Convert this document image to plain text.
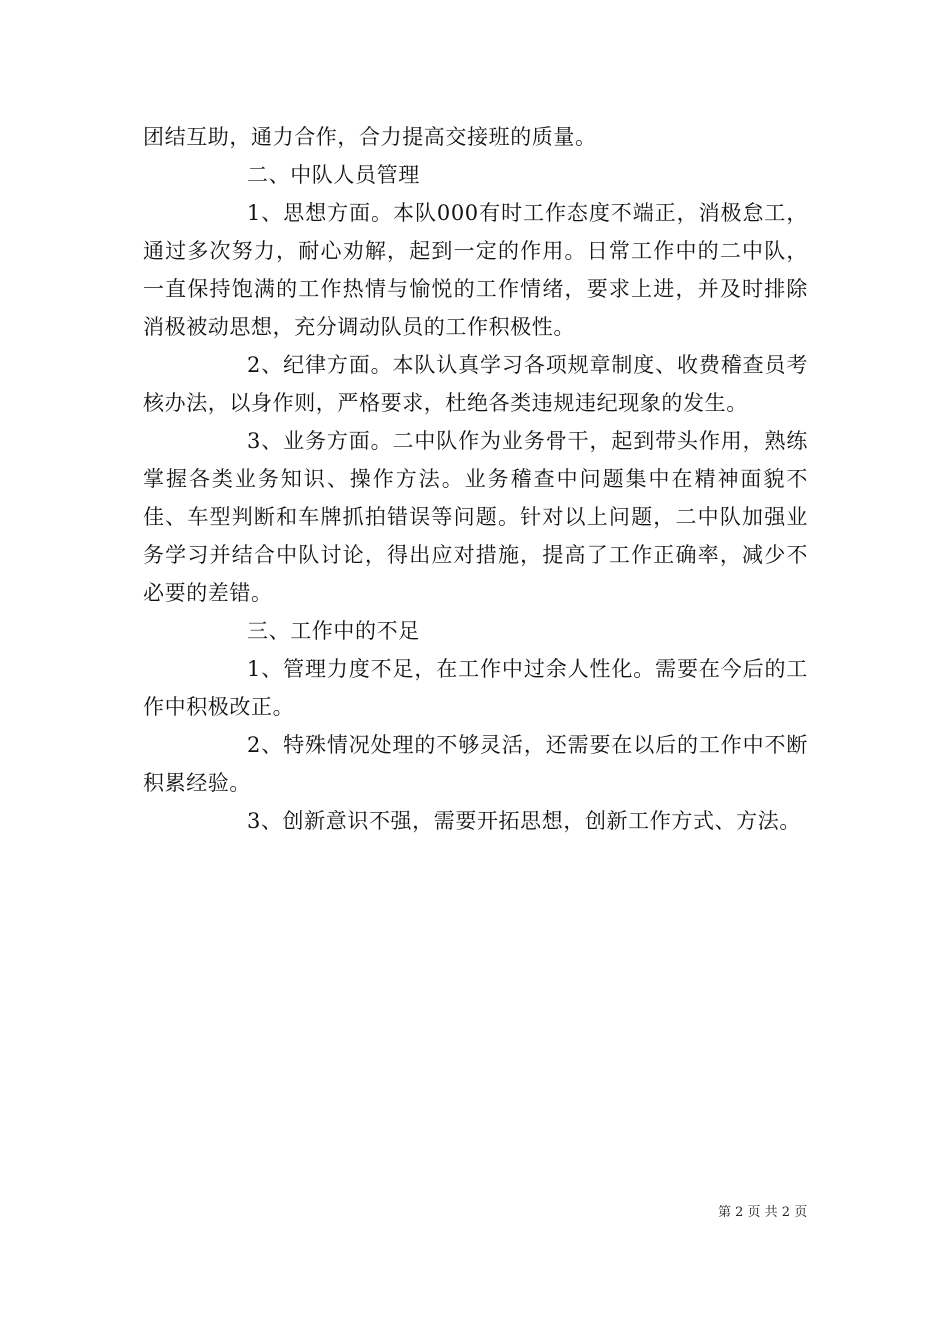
团结互助，通力合作，合力提高交接班的质量。

二、中队人员管理

1、思想方面。本队000有时工作态度不端正，消极怠工，通过多次努力，耐心劝解，起到一定的作用。日常工作中的二中队，一直保持饱满的工作热情与愉悦的工作情绪，要求上进，并及时排除消极被动思想，充分调动队员的工作积极性。

2、纪律方面。本队认真学习各项规章制度、收费稽查员考核办法，以身作则，严格要求，杜绝各类违规违纪现象的发生。

3、业务方面。二中队作为业务骨干，起到带头作用，熟练掌握各类业务知识、操作方法。业务稽查中问题集中在精神面貌不佳、车型判断和车牌抓拍错误等问题。针对以上问题，二中队加强业务学习并结合中队讨论，得出应对措施，提高了工作正确率，减少不必要的差错。

三、工作中的不足

1、管理力度不足，在工作中过余人性化。需要在今后的工作中积极改正。

2、特殊情况处理的不够灵活，还需要在以后的工作中不断积累经验。

3、创新意识不强，需要开拓思想，创新工作方式、方法。

第 2 页 共 2 页
